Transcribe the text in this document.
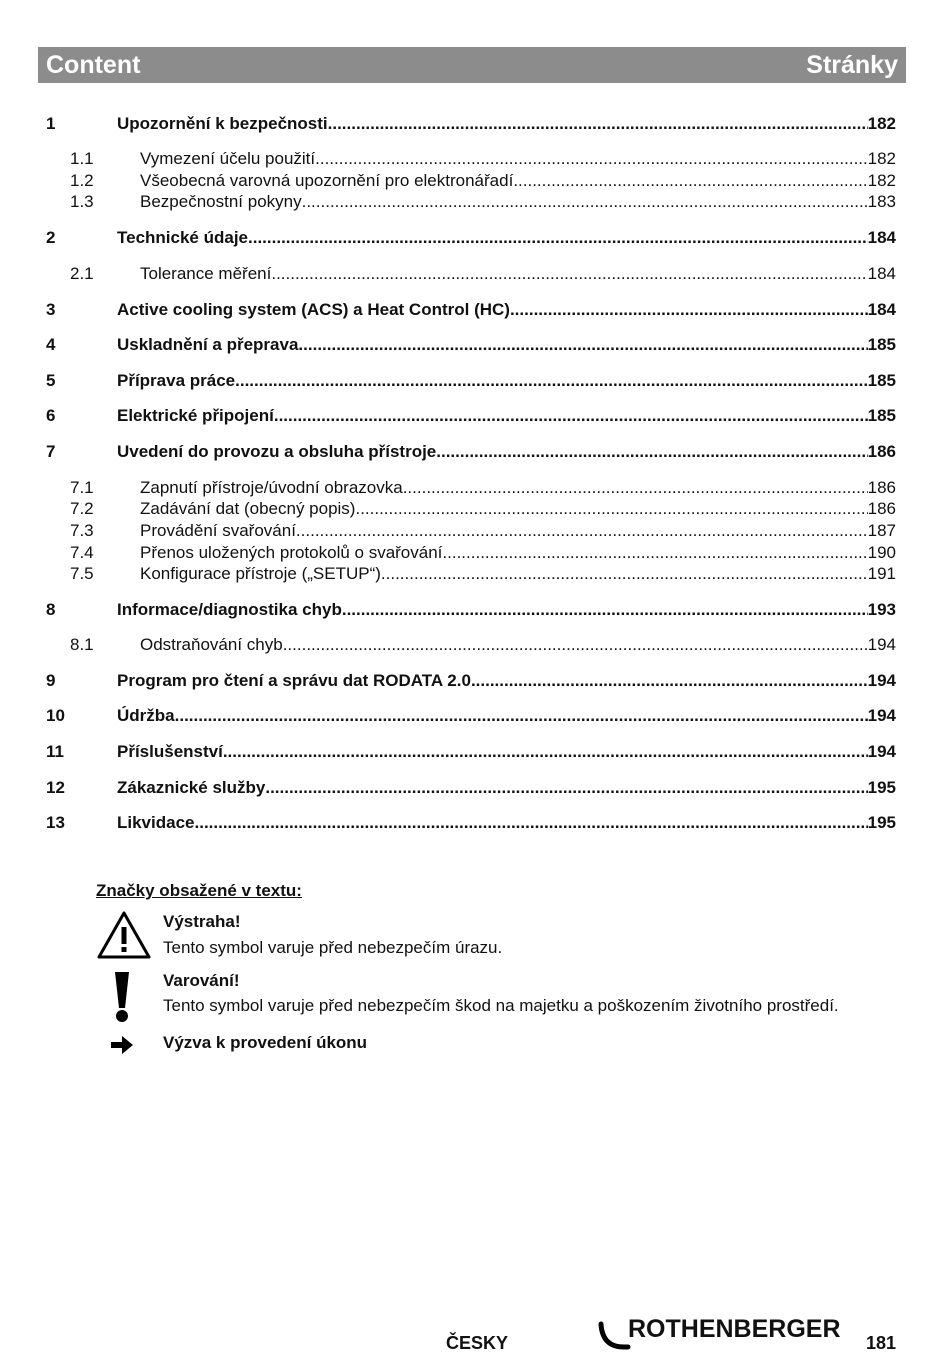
Content	Stránky
1	Upozornění k bezpečnosti .....	182
1.1	Vymezení účelu použití .....	182
1.2	Všeobecná varovná upozornění pro elektronářadí .....	182
1.3	Bezpečnostní pokyny .....	183
2	Technické údaje .....	184
2.1	Tolerance měření .....	184
3	Active cooling system (ACS) a Heat Control (HC) .....	184
4	Uskladnění a přeprava .....	185
5	Příprava práce .....	185
6	Elektrické připojení .....	185
7	Uvedení do provozu a obsluha přístroje .....	186
7.1	Zapnutí přístroje/úvodní obrazovka .....	186
7.2	Zadávání dat (obecný popis) .....	186
7.3	Provádění svařování .....	187
7.4	Přenos uložených protokolů o svařování .....	190
7.5	Konfigurace přístroje („SETUP“) .....	191
8	Informace/diagnostika chyb .....	193
8.1	Odstraňování chyb .....	194
9	Program pro čtení a správu dat RODATA 2.0 .....	194
10	Údržba .....	194
11	Příslušenství .....	194
12	Zákaznické služby .....	195
13	Likvidace .....	195
Značky obsažené v textu:
Výstraha!
Tento symbol varuje před nebezpečím úrazu.
Varování!
Tento symbol varuje před nebezpečím škod na majetku a poškozením životního prostředí.
Výzva k provedení úkonu
ČESKY	ROTHENBERGER 181
